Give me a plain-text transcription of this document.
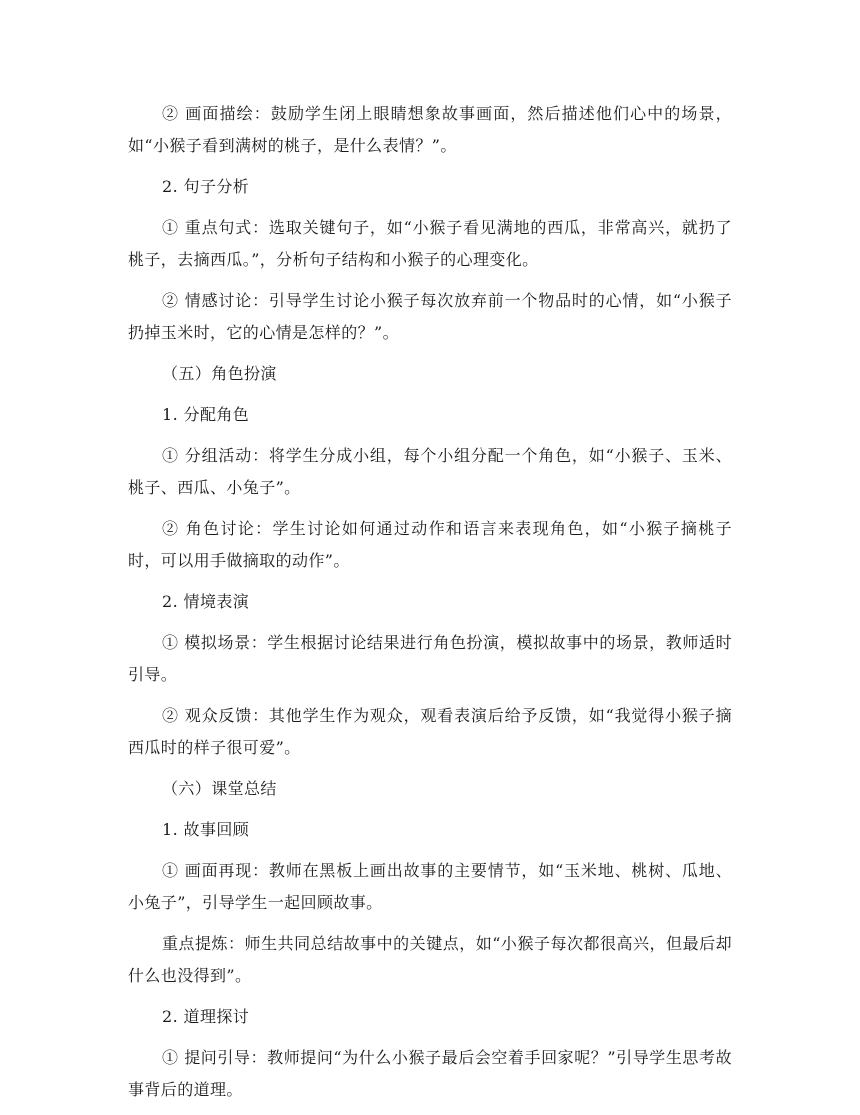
② 画面描绘：鼓励学生闭上眼睛想象故事画面，然后描述他们心中的场景，如“小猴子看到满树的桃子，是什么表情？”。

2. 句子分析

① 重点句式：选取关键句子，如“小猴子看见满地的西瓜，非常高兴，就扔了桃子，去摘西瓜。”，分析句子结构和小猴子的心理变化。

② 情感讨论：引导学生讨论小猴子每次放弃前一个物品时的心情，如“小猴子扔掉玉米时，它的心情是怎样的？”。

（五）角色扮演

1. 分配角色

① 分组活动：将学生分成小组，每个小组分配一个角色，如“小猴子、玉米、桃子、西瓜、小兔子”。

② 角色讨论：学生讨论如何通过动作和语言来表现角色，如“小猴子摘桃子时，可以用手做摘取的动作”。

2. 情境表演

① 模拟场景：学生根据讨论结果进行角色扮演，模拟故事中的场景，教师适时引导。

② 观众反馈：其他学生作为观众，观看表演后给予反馈，如“我觉得小猴子摘西瓜时的样子很可爱”。

（六）课堂总结

1. 故事回顾

① 画面再现：教师在黑板上画出故事的主要情节，如“玉米地、桃树、瓜地、小兔子”，引导学生一起回顾故事。

重点提炼：师生共同总结故事中的关键点，如“小猴子每次都很高兴，但最后却什么也没得到”。

2. 道理探讨

① 提问引导：教师提问“为什么小猴子最后会空着手回家呢？”引导学生思考故事背后的道理。
